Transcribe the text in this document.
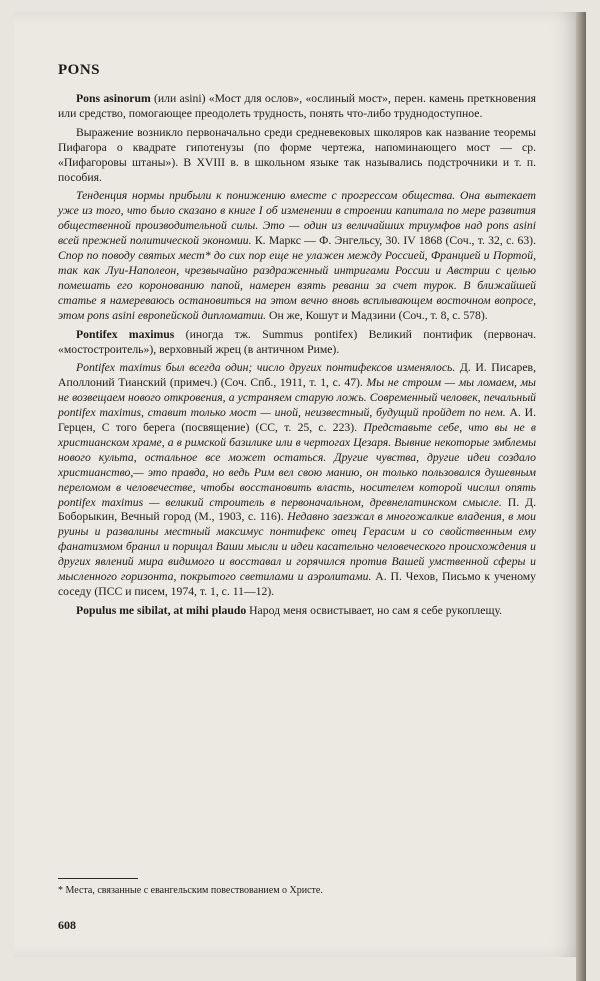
PONS

Pons asinorum (или asini) «Мост для ослов», «ослиный мост», перен. камень преткновения или средство, помогающее преодолеть трудность, понять что-либо труднодоступное.

Выражение возникло первоначально среди средневековых школяров как название теоремы Пифагора о квадрате гипотенузы (по форме чертежа, напоминающего мост — ср. «Пифагоровы штаны»). В XVIII в. в школьном языке так назывались подстрочники и т. п. пособия.

Тенденция нормы прибыли к понижению вместе с прогрессом общества. Она вытекает уже из того, что было сказано в книге I об изменении в строении капитала по мере развития общественной производительной силы. Это — один из величайших триумфов над pons asini всей прежней политической экономии. К. Маркс — Ф. Энгельсу, 30. IV 1868 (Соч., т. 32, с. 63). Спор по поводу святых мест* до сих пор еще не улажен между Россией, Францией и Портой, так как Луи-Наполеон, чрезвычайно раздраженный интригами России и Австрии с целью помешать его коронованию папой, намерен взять реванш за счет турок. В ближайшей статье я намереваюсь остановиться на этом вечно вновь всплывающем восточном вопросе, этом pons asini европейской дипломатии. Он же, Кошут и Мадзини (Соч., т. 8, с. 578).

Pontifex maximus (иногда тж. Summus pontifex) Великий понтифик (первонач. «мостостроитель»), верховный жрец (в античном Риме).

Pontifex maximus был всегда один; число других понтифексов изменялось. Д. И. Писарев, Аполлоний Тианский (примеч.) (Соч. Спб., 1911, т. 1, с. 47). Мы не строим — мы ломаем, мы не возвещаем нового откровения, а устраняем старую ложь. Современный человек, печальный pontifex maximus, ставит только мост — иной, неизвестный, будущий пройдет по нем. А. И. Герцен, С того берега (посвящение) (СС, т. 25, с. 223). Представьте себе, что вы не в христианском храме, а в римской базилике или в чертогах Цезаря. Вывние некоторые эмблемы нового культа, остальное все может остаться. Другие чувства, другие идеи создало христианство,— это правда, но ведь Рим вел свою манию, он только пользовался душевным переломом в человечестве, чтобы восстановить власть, носителем которой числил опять pontifex maximus — великий строитель в первоначальном, древнелатинском смысле. П. Д. Боборыкин, Вечный город (М., 1903, с. 116). Недавно заезжал в многожалкие владения, в мои руины и развалины местный максимус понтифекс отец Герасим и со свойственным ему фанатизмом бранил и порицал Ваши мысли и идеи касательно человеческого происхождения и других явлений мира видимого и восставал и горячился против Вашей умственной сферы и мысленного горизонта, покрытого светилами и аэролитами. А. П. Чехов, Письмо к ученому соседу (ПСС и писем, 1974, т. 1, с. 11—12).

Populus me sibilat, at mihi plaudo Народ меня освистывает, но сам я себе рукоплещу.

* Места, связанные с евангельским повествованием о Христе.
608
